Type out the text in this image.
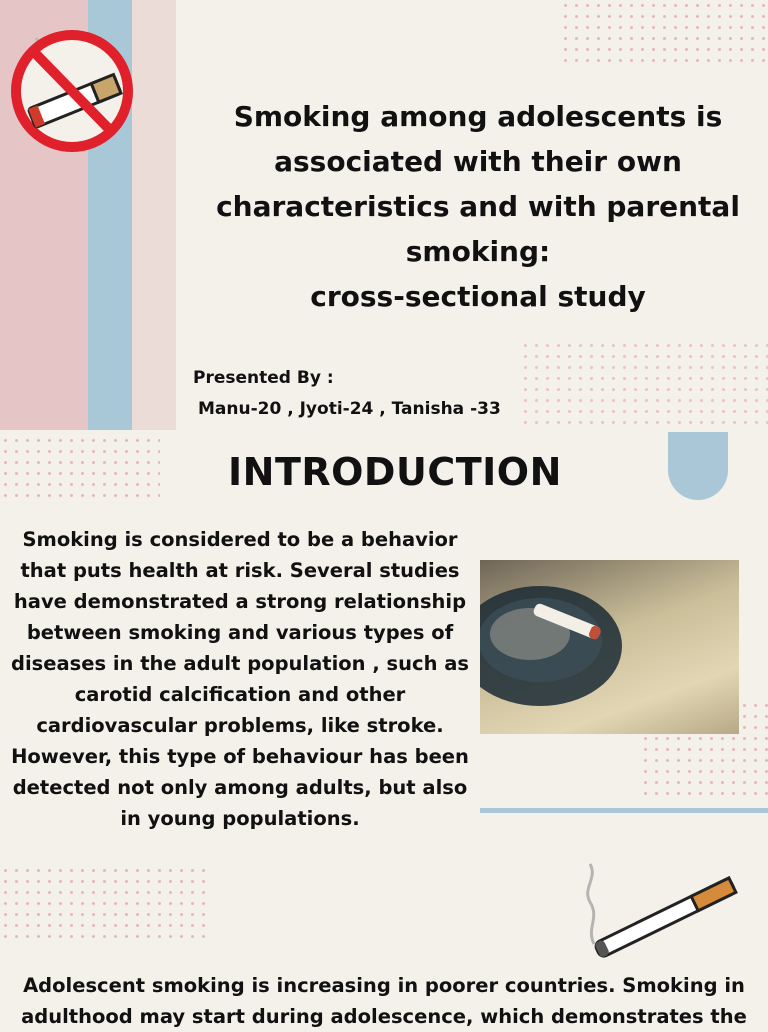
Smoking among adolescents is
associated with their own
characteristics and with parental
smoking:
cross-sectional study
Presented By :
Manu-20 , Jyoti-24 , Tanisha -33
INTRODUCTION
Smoking is considered to be a behavior that puts health at risk. Several studies have demonstrated a strong relationship between smoking and various types of diseases in the adult population , such as carotid calcification and other cardiovascular problems, like stroke. However, this type of behaviour has been detected not only among adults, but also in young populations.
Adolescent smoking is increasing in poorer countries. Smoking in
adulthood may start during adolescence, which demonstrates the
